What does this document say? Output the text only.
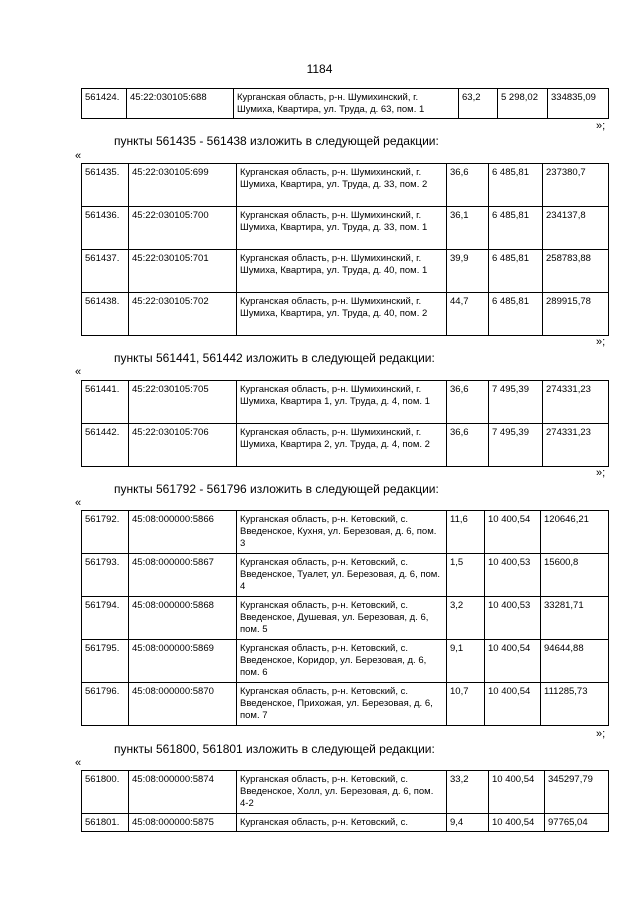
1184
561424.	45:22:030105:688	Курганская область, р-н. Шумихинский, г. Шумиха, Квартира, ул. Труда, д. 63, пом. 1	63,2	5 298,02	334835,09
»;
пункты 561435 - 561438 изложить в следующей редакции:
«
561435.	45:22:030105:699	Курганская область, р-н. Шумихинский, г. Шумиха, Квартира, ул. Труда, д. 33, пом. 2	36,6	6 485,81	237380,7
561436.	45:22:030105:700	Курганская область, р-н. Шумихинский, г. Шумиха, Квартира, ул. Труда, д. 33, пом. 1	36,1	6 485,81	234137,8
561437.	45:22:030105:701	Курганская область, р-н. Шумихинский, г. Шумиха, Квартира, ул. Труда, д. 40, пом. 1	39,9	6 485,81	258783,88
561438.	45:22:030105:702	Курганская область, р-н. Шумихинский, г. Шумиха, Квартира, ул. Труда, д. 40, пом. 2	44,7	6 485,81	289915,78
»;
пункты 561441, 561442 изложить в следующей редакции:
«
561441.	45:22:030105:705	Курганская область, р-н. Шумихинский, г. Шумиха, Квартира 1, ул. Труда, д. 4, пом. 1	36,6	7 495,39	274331,23
561442.	45:22:030105:706	Курганская область, р-н. Шумихинский, г. Шумиха, Квартира 2, ул. Труда, д. 4, пом. 2	36,6	7 495,39	274331,23
»;
пункты 561792 - 561796 изложить в следующей редакции:
«
561792.	45:08:000000:5866	Курганская область, р-н. Кетовский, с. Введенское, Кухня, ул. Березовая, д. 6, пом. 3	11,6	10 400,54	120646,21
561793.	45:08:000000:5867	Курганская область, р-н. Кетовский, с. Введенское, Туалет, ул. Березовая, д. 6, пом. 4	1,5	10 400,53	15600,8
561794.	45:08:000000:5868	Курганская область, р-н. Кетовский, с. Введенское, Душевая, ул. Березовая, д. 6, пом. 5	3,2	10 400,53	33281,71
561795.	45:08:000000:5869	Курганская область, р-н. Кетовский, с. Введенское, Коридор, ул. Березовая, д. 6, пом. 6	9,1	10 400,54	94644,88
561796.	45:08:000000:5870	Курганская область, р-н. Кетовский, с. Введенское, Прихожая, ул. Березовая, д. 6, пом. 7	10,7	10 400,54	111285,73
»;
пункты 561800, 561801 изложить в следующей редакции:
«
561800.	45:08:000000:5874	Курганская область, р-н. Кетовский, с. Введенское, Холл, ул. Березовая, д. 6, пом. 4-2	33,2	10 400,54	345297,79
561801.	45:08:000000:5875	Курганская область, р-н. Кетовский, с.	9,4	10 400,54	97765,04
